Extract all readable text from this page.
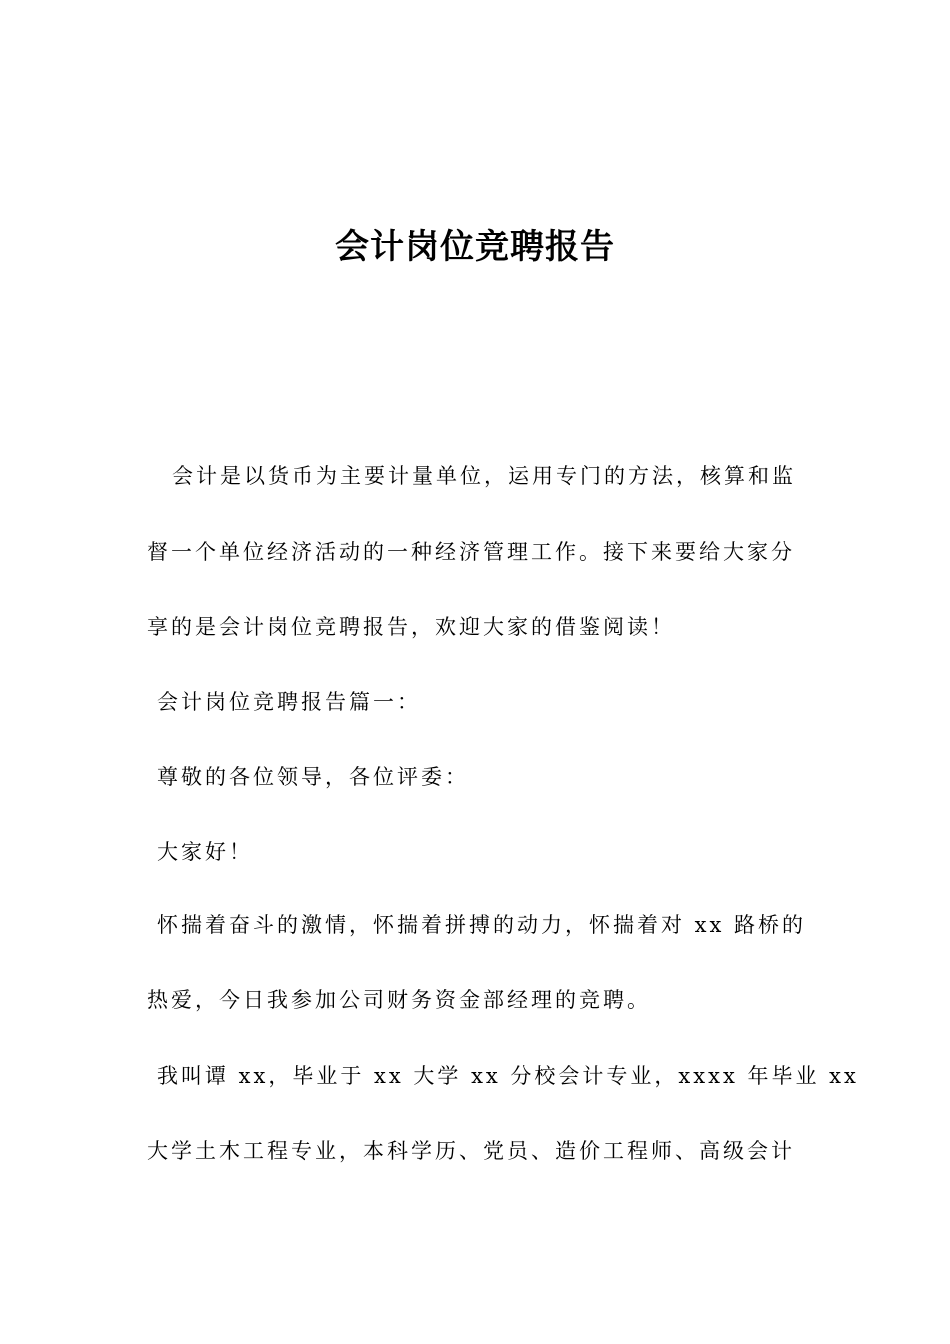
会计岗位竞聘报告
会计是以货币为主要计量单位，运用专门的方法，核算和监
督一个单位经济活动的一种经济管理工作。接下来要给大家分
享的是会计岗位竞聘报告，欢迎大家的借鉴阅读！
会计岗位竞聘报告篇一：
尊敬的各位领导，各位评委：
大家好！
怀揣着奋斗的激情，怀揣着拼搏的动力，怀揣着对 xx 路桥的
热爱，今日我参加公司财务资金部经理的竞聘。
我叫谭 xx，毕业于 xx 大学 xx 分校会计专业，xxxx 年毕业 xx
大学土木工程专业，本科学历、党员、造价工程师、高级会计
